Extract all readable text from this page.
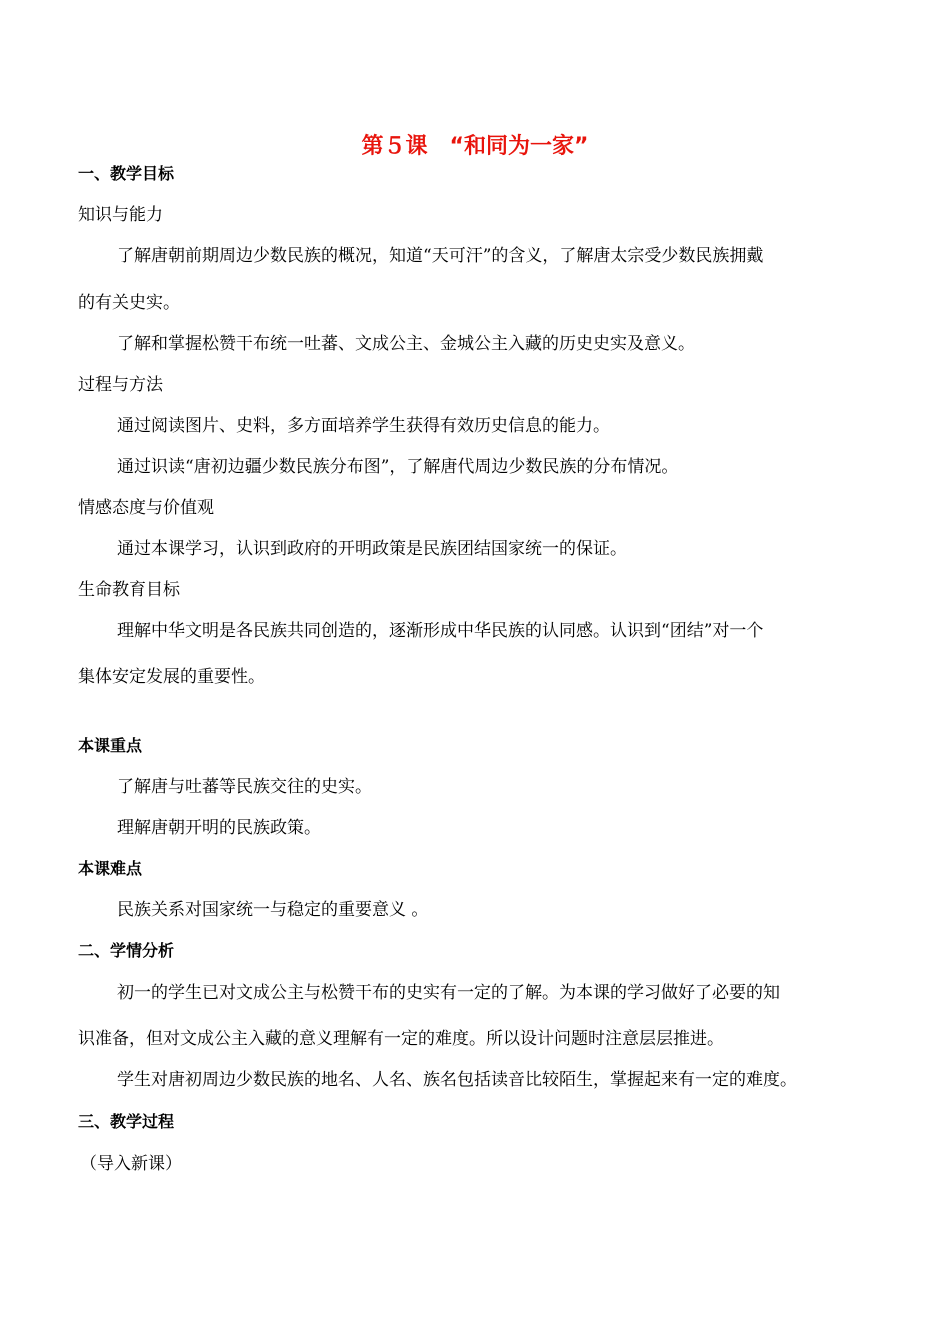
第５课　“和同为一家”
一、教学目标
知识与能力
了解唐朝前期周边少数民族的概况，知道“天可汗”的含义，了解唐太宗受少数民族拥戴
的有关史实。
了解和掌握松赞干布统一吐蕃、文成公主、金城公主入藏的历史史实及意义。
过程与方法
通过阅读图片、史料，多方面培养学生获得有效历史信息的能力。
通过识读“唐初边疆少数民族分布图”，了解唐代周边少数民族的分布情况。
情感态度与价值观
通过本课学习，认识到政府的开明政策是民族团结国家统一的保证。
生命教育目标
理解中华文明是各民族共同创造的，逐渐形成中华民族的认同感。认识到“团结”对一个
集体安定发展的重要性。
本课重点
了解唐与吐蕃等民族交往的史实。
理解唐朝开明的民族政策。
本课难点
民族关系对国家统一与稳定的重要意义 。
二、学情分析
初一的学生已对文成公主与松赞干布的史实有一定的了解。为本课的学习做好了必要的知
识准备，但对文成公主入藏的意义理解有一定的难度。所以设计问题时注意层层推进。
学生对唐初周边少数民族的地名、人名、族名包括读音比较陌生，掌握起来有一定的难度。
三、教学过程
（导入新课）
